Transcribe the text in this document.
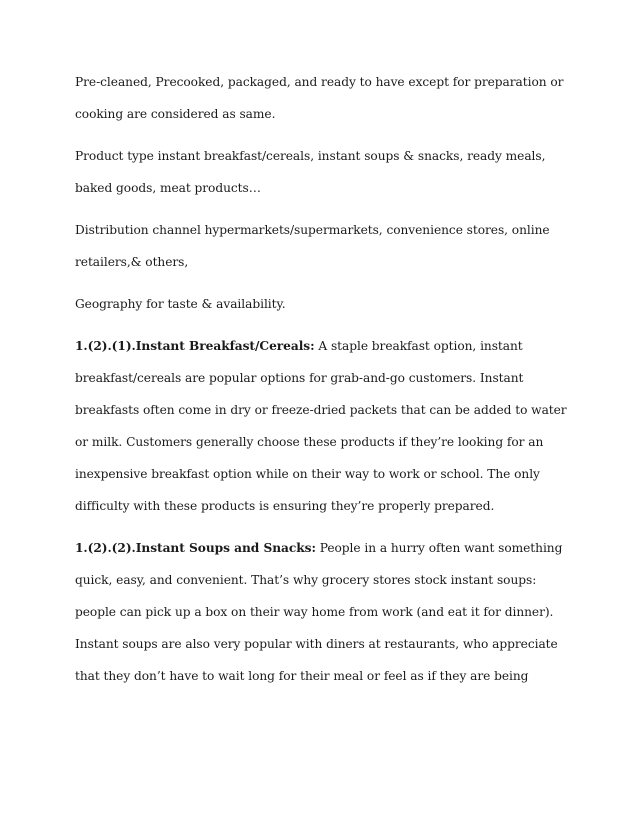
Pre-cleaned, Precooked, packaged, and ready to have except for preparation or
cooking are considered as same.
Product type instant breakfast/cereals, instant soups & snacks, ready meals,
baked goods, meat products…
Distribution channel hypermarkets/supermarkets, convenience stores, online
retailers,& others,
Geography for taste & availability.
1.(2).(1).Instant Breakfast/Cereals: A staple breakfast option, instant
breakfast/cereals are popular options for grab-and-go customers. Instant
breakfasts often come in dry or freeze-dried packets that can be added to water
or milk. Customers generally choose these products if they’re looking for an
inexpensive breakfast option while on their way to work or school. The only
difficulty with these products is ensuring they’re properly prepared.
1.(2).(2).Instant Soups and Snacks: People in a hurry often want something
quick, easy, and convenient. That’s why grocery stores stock instant soups:
people can pick up a box on their way home from work (and eat it for dinner).
Instant soups are also very popular with diners at restaurants, who appreciate
that they don’t have to wait long for their meal or feel as if they are being
